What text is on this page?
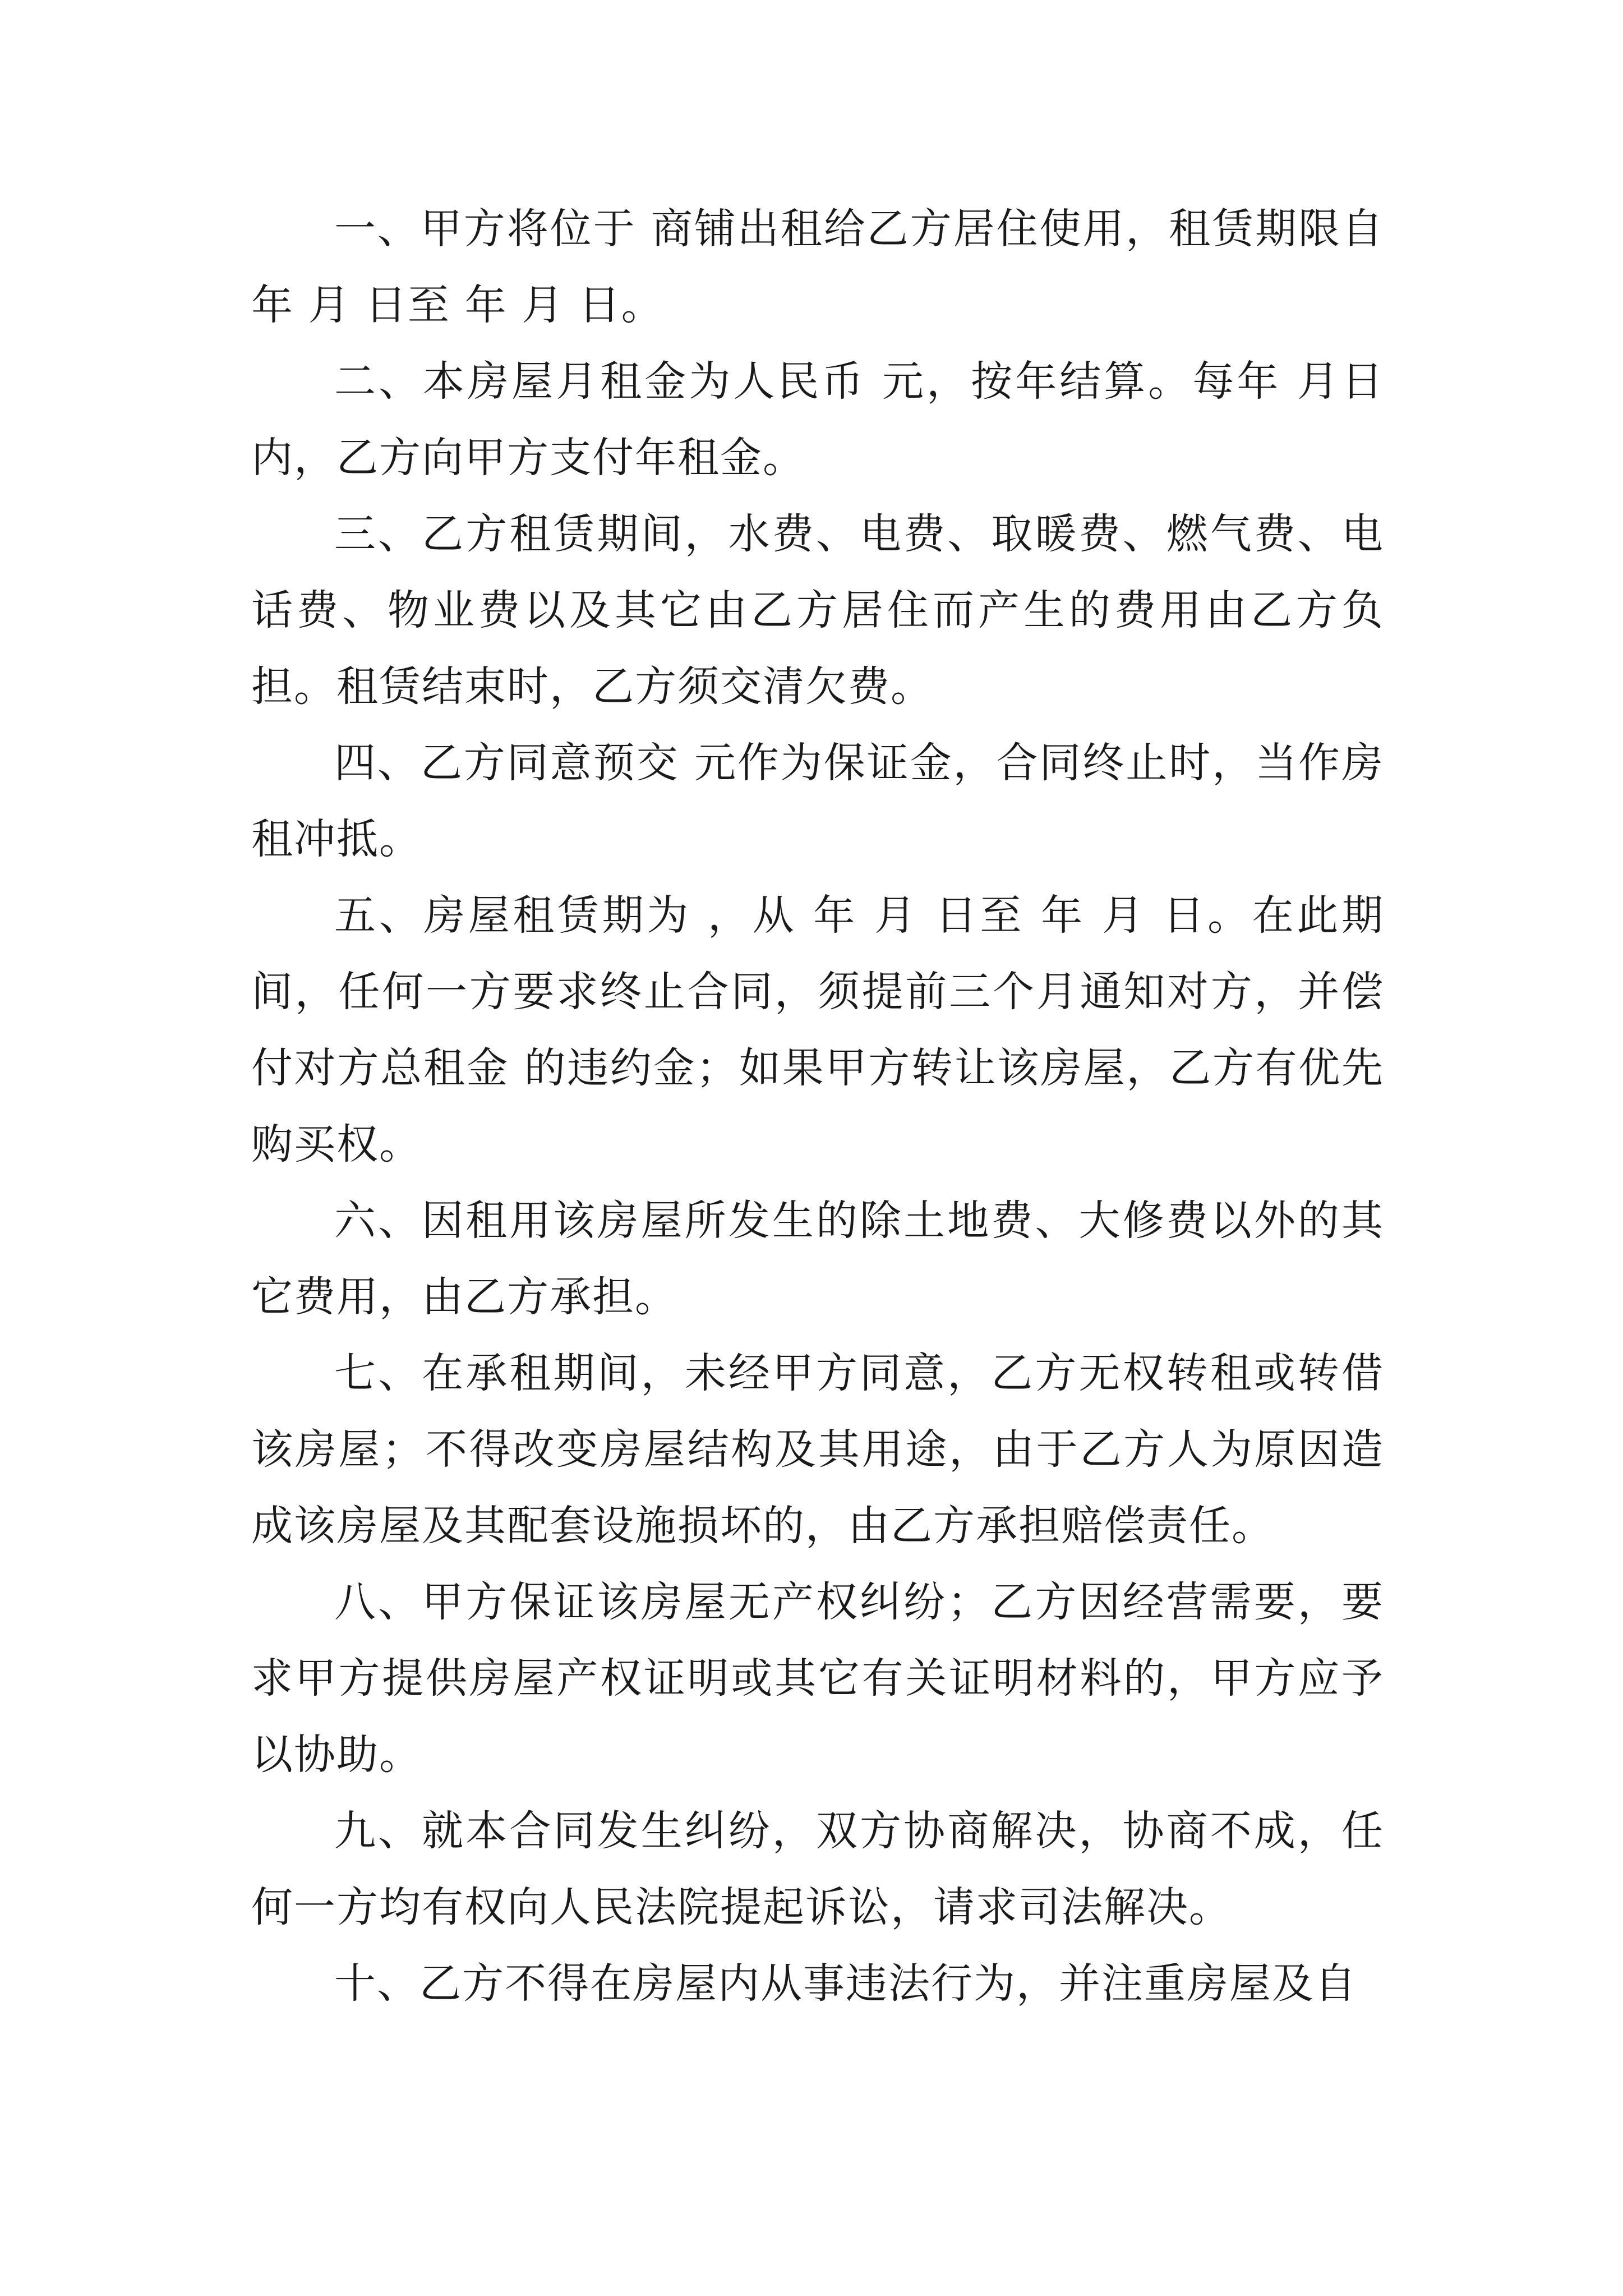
一、甲方将位于 商铺出租给乙方居住使用，租赁期限自 年 月 日至 年 月 日。

二、本房屋月租金为人民币 元，按年结算。每年 月日内，乙方向甲方支付年租金。

三、乙方租赁期间，水费、电费、取暖费、燃气费、电话费、物业费以及其它由乙方居住而产生的费用由乙方负担。租赁结束时，乙方须交清欠费。

四、乙方同意预交 元作为保证金，合同终止时，当作房租冲抵。

五、房屋租赁期为 ，从 年 月 日至 年 月 日。在此期间，任何一方要求终止合同，须提前三个月通知对方，并偿付对方总租金 的违约金；如果甲方转让该房屋，乙方有优先购买权。

六、因租用该房屋所发生的除土地费、大修费以外的其它费用，由乙方承担。

七、在承租期间，未经甲方同意，乙方无权转租或转借该房屋；不得改变房屋结构及其用途，由于乙方人为原因造成该房屋及其配套设施损坏的，由乙方承担赔偿责任。

八、甲方保证该房屋无产权纠纷；乙方因经营需要，要求甲方提供房屋产权证明或其它有关证明材料的，甲方应予以协助。

九、就本合同发生纠纷，双方协商解决，协商不成，任何一方均有权向人民法院提起诉讼，请求司法解决。

十、乙方不得在房屋内从事违法行为，并注重房屋及自
